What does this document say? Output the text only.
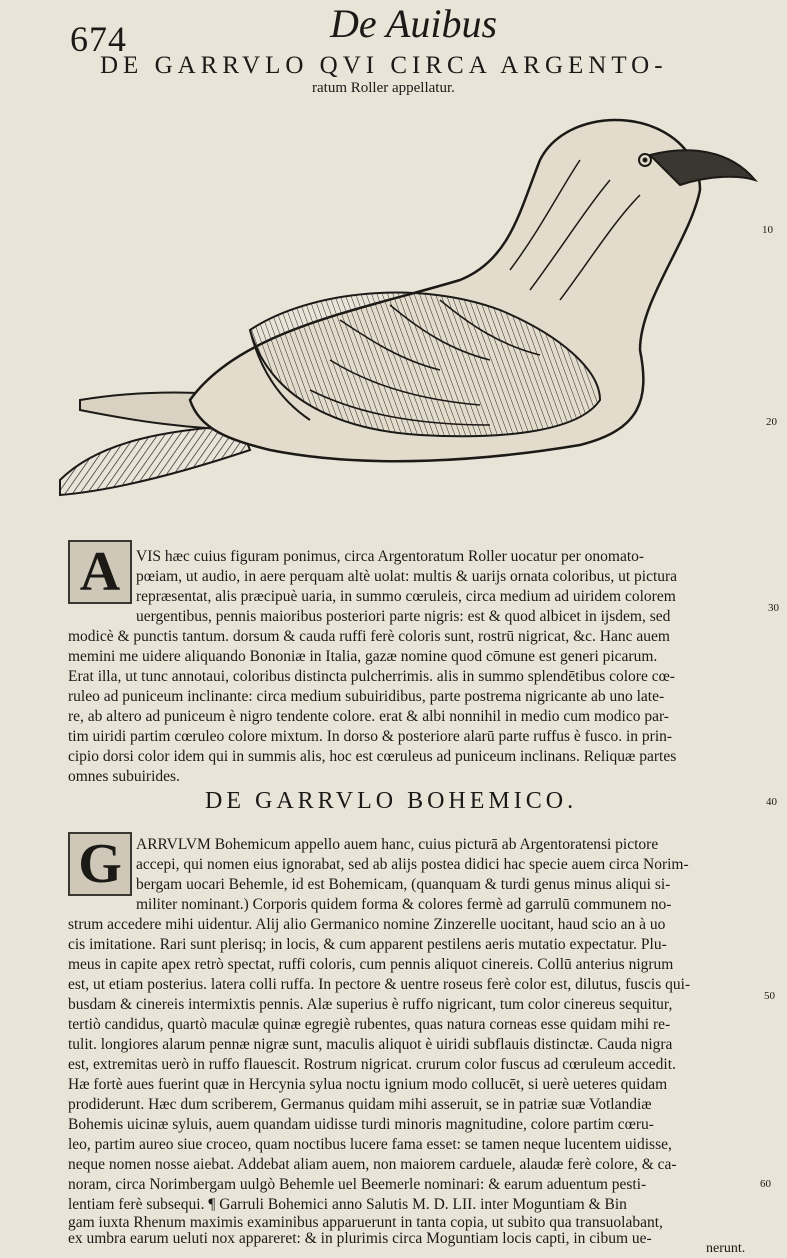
674	De Auibus
DE GARRVLO QVI CIRCA ARGENTO-
ratum Roller appellatur.
10
20
30
40
50
60
A	VIS hæc cuius figuram ponimus, circa Argentoratum Roller uocatur per onomato-
pœiam, ut audio, in aere perquam altè uolat: multis & uarijs ornata coloribus, ut pictura
repræsentat, alis præcipuè uaria, in summo cœruleis, circa medium ad uiridem colorem
uergentibus, pennis maioribus posteriori parte nigris: est & quod albicet in ijsdem, sed
modicè & punctis tantum. dorsum & cauda ruffi ferè coloris sunt, rostrū nigricat, &c. Hanc auem
memini me uidere aliquando Bononiæ in Italia, gazæ nomine quod cōmune est generi picarum.
Erat illa, ut tunc annotaui, coloribus distincta pulcherrimis. alis in summo splendētibus colore cœ-
ruleo ad puniceum inclinante: circa medium subuiridibus, parte postrema nigricante ab uno late-
re, ab altero ad puniceum è nigro tendente colore. erat & albi nonnihil in medio cum modico par-
tim uiridi partim cœruleo colore mixtum. In dorso & posteriore alarū parte ruffus è fusco. in prin-
cipio dorsi color idem qui in summis alis, hoc est cœruleus ad puniceum inclinans. Reliquæ partes
omnes subuirides.
DE GARRVLO BOHEMICO.
G ARRVLVM Bohemicum appello auem hanc, cuius picturā ab Argentoratensi pictore
accepi, qui nomen eius ignorabat, sed ab alijs postea didici hac specie auem circa Norim-
bergam uocari Behemle, id est Bohemicam, (quanquam & turdi genus minus aliqui si-
militer nominant.) Corporis quidem forma & colores fermè ad garrulū communem no-
strum accedere mihi uidentur. Alij alio Germanico nomine Zinzerelle uocitant, haud scio an à uo
cis imitatione. Rari sunt plerisq; in locis, & cum apparent pestilens aeris mutatio expectatur. Plu-
meus in capite apex retrò spectat, ruffi coloris, cum pennis aliquot cinereis. Collū anterius nigrum
est, ut etiam posterius. latera colli ruffa. In pectore & uentre roseus ferè color est, dilutus, fuscis qui-
busdam & cinereis intermixtis pennis. Alæ superius è ruffo nigricant, tum color cinereus sequitur,
tertiò candidus, quartò maculæ quinæ egregiè rubentes, quas natura corneas esse quidam mihi re-
tulit. longiores alarum pennæ nigræ sunt, maculis aliquot è uiridi subflauis distinctæ. Cauda nigra
est, extremitas uerò in ruffo flauescit. Rostrum nigricat. crurum color fuscus ad cœruleum accedit.
Hæ fortè aues fuerint quæ in Hercynia sylua noctu ignium modo collucēt, si uerè ueteres quidam
prodiderunt. Hæc dum scriberem, Germanus quidam mihi asseruit, se in patriæ suæ Votlandiæ
Bohemis uicinæ syluis, auem quandam uidisse turdi minoris magnitudine, colore partim cœru-
leo, partim aureo siue croceo, quam noctibus lucere fama esset: se tamen neque lucentem uidisse,
neque nomen nosse aiebat. Addebat aliam auem, non maiorem carduele, alaudæ ferè colore, & ca-
noram, circa Norimbergam uulgò Behemle uel Beemerle nominari: & earum aduentum pesti-
lentiam ferè subsequi. ¶ Garruli Bohemici anno Salutis M. D. LII. inter Moguntiam & Bin
gam iuxta Rhenum maximis examinibus apparuerunt in tanta copia, ut subito qua transuolabant,
ex umbra earum ueluti nox appareret: & in plurimis circa Moguntiam locis capti, in cibum ue-
nerunt.
